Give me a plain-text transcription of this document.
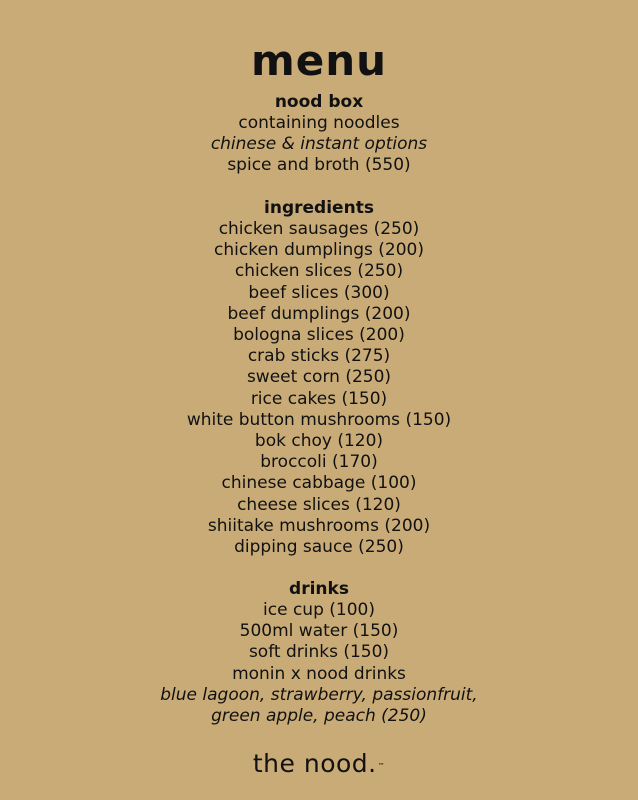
menu
nood box
containing noodles
chinese & instant options
spice and broth (550)
ingredients
chicken sausages (250)
chicken dumplings (200)
chicken slices (250)
beef slices (300)
beef dumplings (200)
bologna slices (200)
crab sticks (275)
sweet corn (250)
rice cakes (150)
white button mushrooms (150)
bok choy (120)
broccoli (170)
chinese cabbage (100)
cheese slices (120)
shiitake mushrooms (200)
dipping sauce (250)
drinks
ice cup (100)
500ml water (150)
soft drinks (150)
monin x nood drinks
blue lagoon, strawberry, passionfruit,
green apple, peach (250)
the nood.™
